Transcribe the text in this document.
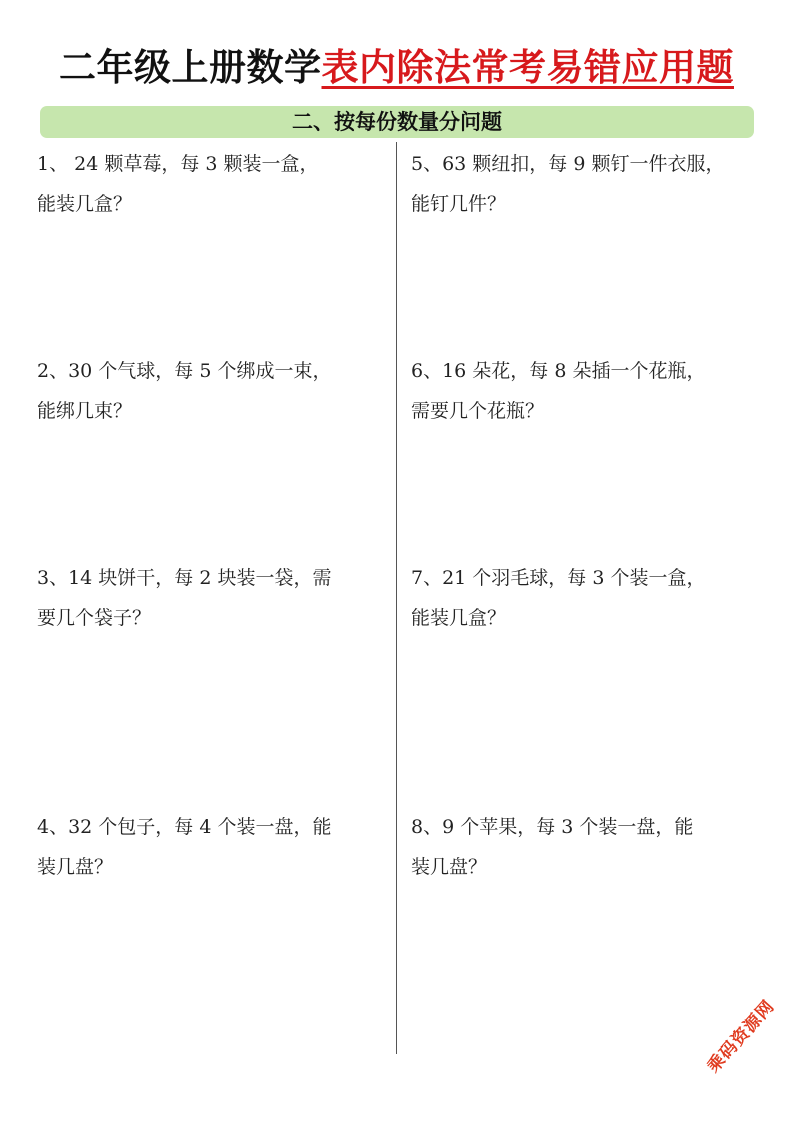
二年级上册数学表内除法常考易错应用题
二、按每份数量分问题
1、 24 颗草莓，每 3 颗装一盒，
能装几盒？
2、30 个气球，每 5 个绑成一束，
能绑几束？
3、14 块饼干，每 2 块装一袋，需
要几个袋子？
4、32 个包子，每 4 个装一盘，能
装几盘？
5、63 颗纽扣，每 9 颗钉一件衣服，
能钉几件？
6、16 朵花，每 8 朵插一个花瓶，
需要几个花瓶？
7、21 个羽毛球，每 3 个装一盒，
能装几盒？
8、9 个苹果，每 3 个装一盘，能
装几盘？
乘码资源网
